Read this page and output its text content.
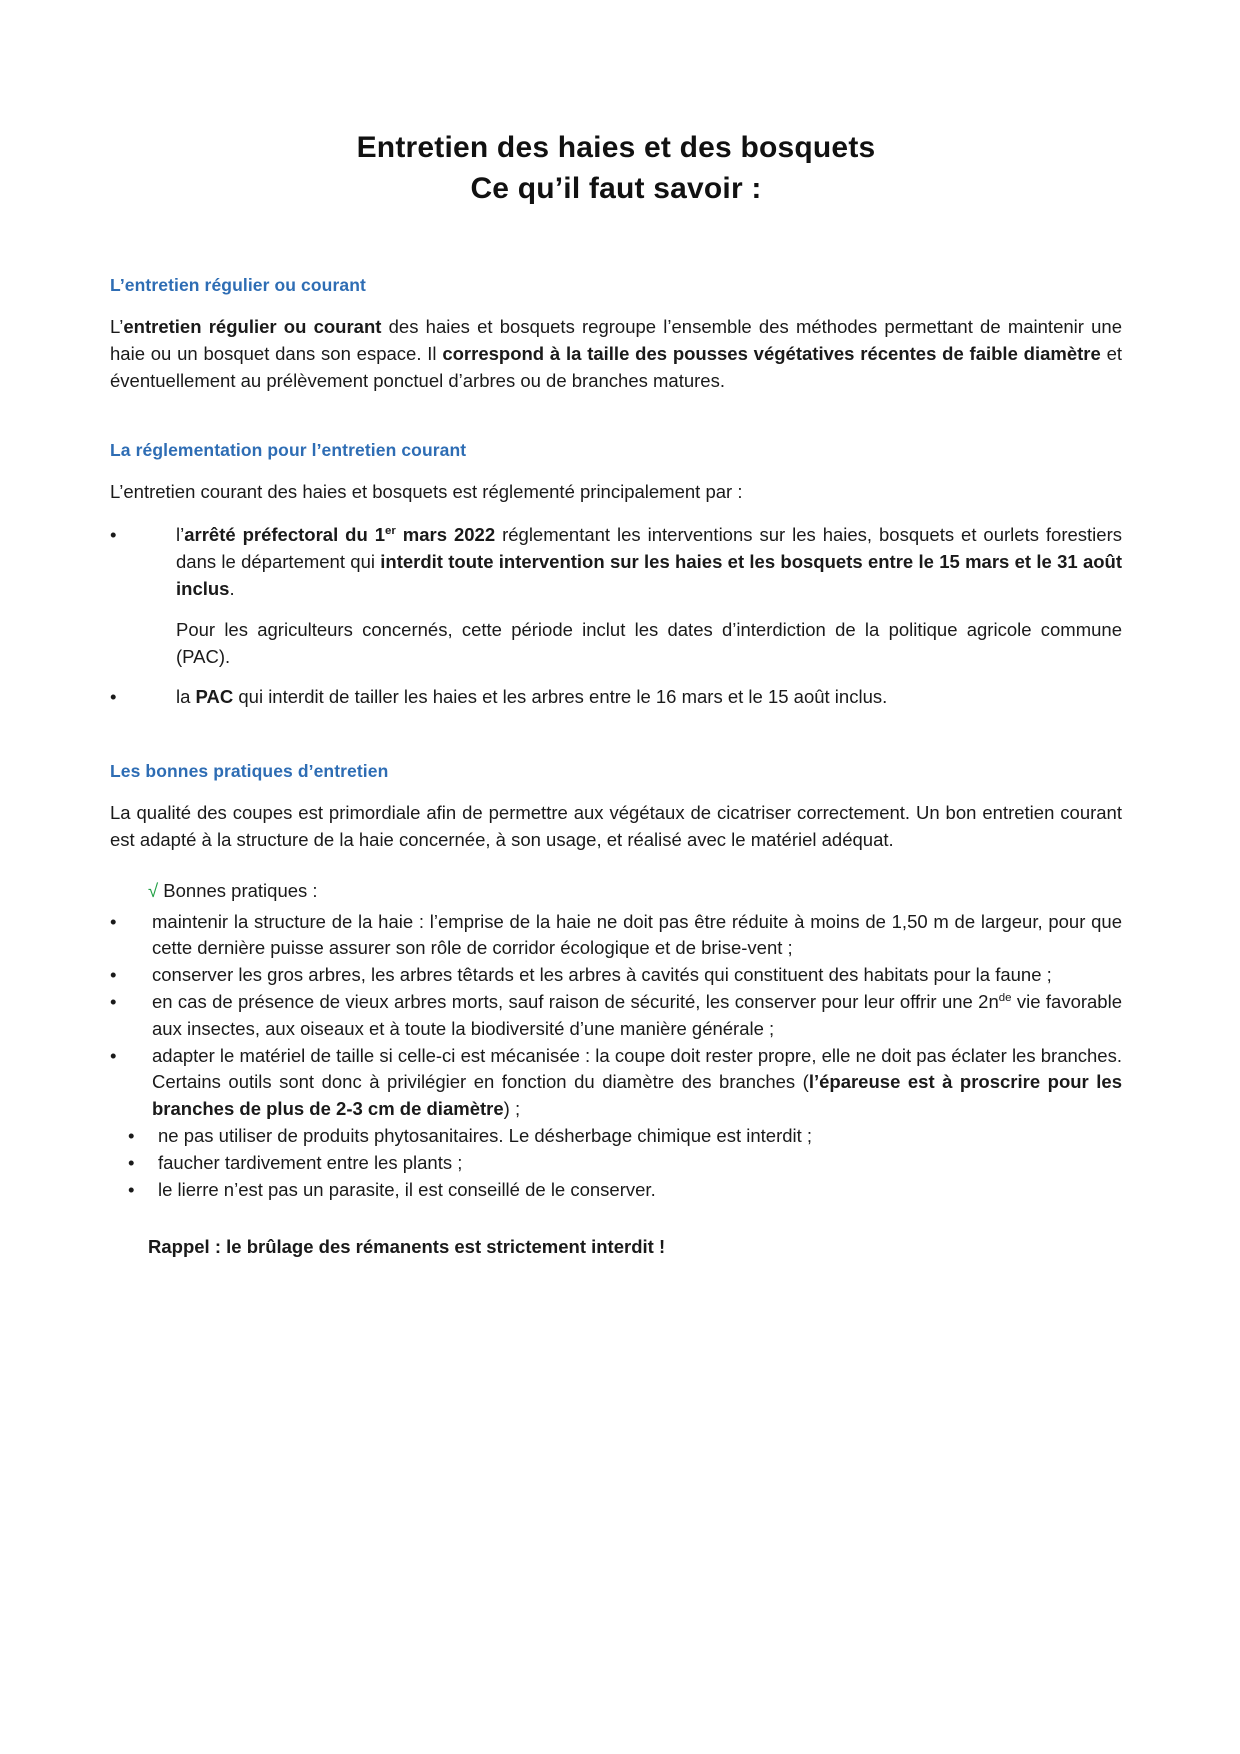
Entretien des haies et des bosquets
Ce qu’il faut savoir :
L’entretien régulier ou courant

L’entretien régulier ou courant des haies et bosquets regroupe l’ensemble des méthodes permettant de maintenir une haie ou un bosquet dans son espace. Il correspond à la taille des pousses végétatives récentes de faible diamètre et éventuellement au prélèvement ponctuel d’arbres ou de branches matures.

La réglementation pour l’entretien courant

L’entretien courant des haies et bosquets est réglementé principalement par :

•	l’arrêté préfectoral du 1er mars 2022 réglementant les interventions sur les haies, bosquets et ourlets forestiers dans le département qui interdit toute intervention sur les haies et les bosquets entre le 15 mars et le 31 août inclus.

Pour les agriculteurs concernés, cette période inclut les dates d’interdiction de la politique agricole commune (PAC).

•	la PAC qui interdit de tailler les haies et les arbres entre le 16 mars et le 15 août inclus.
Les bonnes pratiques d’entretien

La qualité des coupes est primordiale afin de permettre aux végétaux de cicatriser correctement. Un bon entretien courant est adapté à la structure de la haie concernée, à son usage, et réalisé avec le matériel adéquat.

√ Bonnes pratiques :

• maintenir la structure de la haie : l’emprise de la haie ne doit pas être réduite à moins de 1,50 m de largeur, pour que cette dernière puisse assurer son rôle de corridor écologique et de brise-vent ;
• conserver les gros arbres, les arbres têtards et les arbres à cavités qui constituent des habitats pour la faune ;
• en cas de présence de vieux arbres morts, sauf raison de sécurité, les conserver pour leur offrir une $2n^{de}$ vie favorable aux insectes, aux oiseaux et à toute la biodiversité d’une manière générale ;
• adapter le matériel de taille si celle-ci est mécanisée : la coupe doit rester propre, elle ne doit pas éclater les branches. Certains outils sont donc à privilégier en fonction du diamètre des branches (l’épareuse est à proscrire pour les branches de plus de 2-3 cm de diamètre) ;
• ne pas utiliser de produits phytosanitaires. Le désherbage chimique est interdit ;
• faucher tardivement entre les plants ;
• le lierre n’est pas un parasite, il est conseillé de le conserver.

Rappel : le brûlage des rémanents est strictement interdit !
